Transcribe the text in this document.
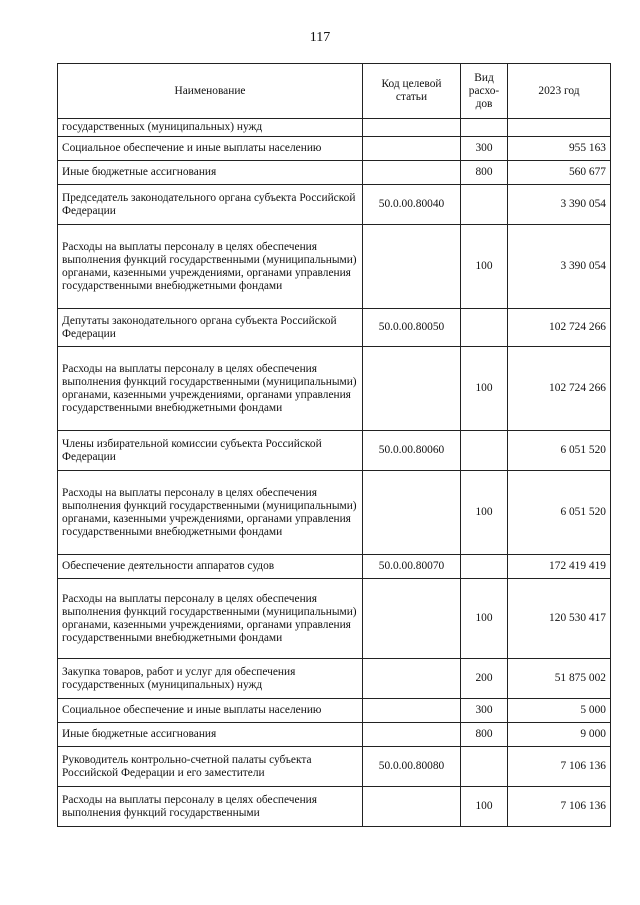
117
Наименование	Код целевой статьи	Вид расхо-дов	2023 год
государственных (муниципальных) нужд			
Социальное обеспечение и иные выплаты населению		300	955 163
Иные бюджетные ассигнования		800	560 677
Председатель законодательного органа субъекта Российской Федерации	50.0.00.80040		3 390 054
Расходы на выплаты персоналу в целях обеспечения выполнения функций государственными (муниципальными) органами, казенными учреждениями, органами управления государственными внебюджетными фондами		100	3 390 054
Депутаты законодательного органа субъекта Российской Федерации	50.0.00.80050		102 724 266
Расходы на выплаты персоналу в целях обеспечения выполнения функций государственными (муниципальными) органами, казенными учреждениями, органами управления государственными внебюджетными фондами		100	102 724 266
Члены избирательной комиссии субъекта Российской Федерации	50.0.00.80060		6 051 520
Расходы на выплаты персоналу в целях обеспечения выполнения функций государственными (муниципальными) органами, казенными учреждениями, органами управления государственными внебюджетными фондами		100	6 051 520
Обеспечение деятельности аппаратов судов	50.0.00.80070		172 419 419
Расходы на выплаты персоналу в целях обеспечения выполнения функций государственными (муниципальными) органами, казенными учреждениями, органами управления государственными внебюджетными фондами		100	120 530 417
Закупка товаров, работ и услуг для обеспечения государственных (муниципальных) нужд		200	51 875 002
Социальное обеспечение и иные выплаты населению		300	5 000
Иные бюджетные ассигнования		800	9 000
Руководитель контрольно-счетной палаты субъекта Российской Федерации и его заместители	50.0.00.80080		7 106 136
Расходы на выплаты персоналу в целях обеспечения выполнения функций государственными		100	7 106 136
